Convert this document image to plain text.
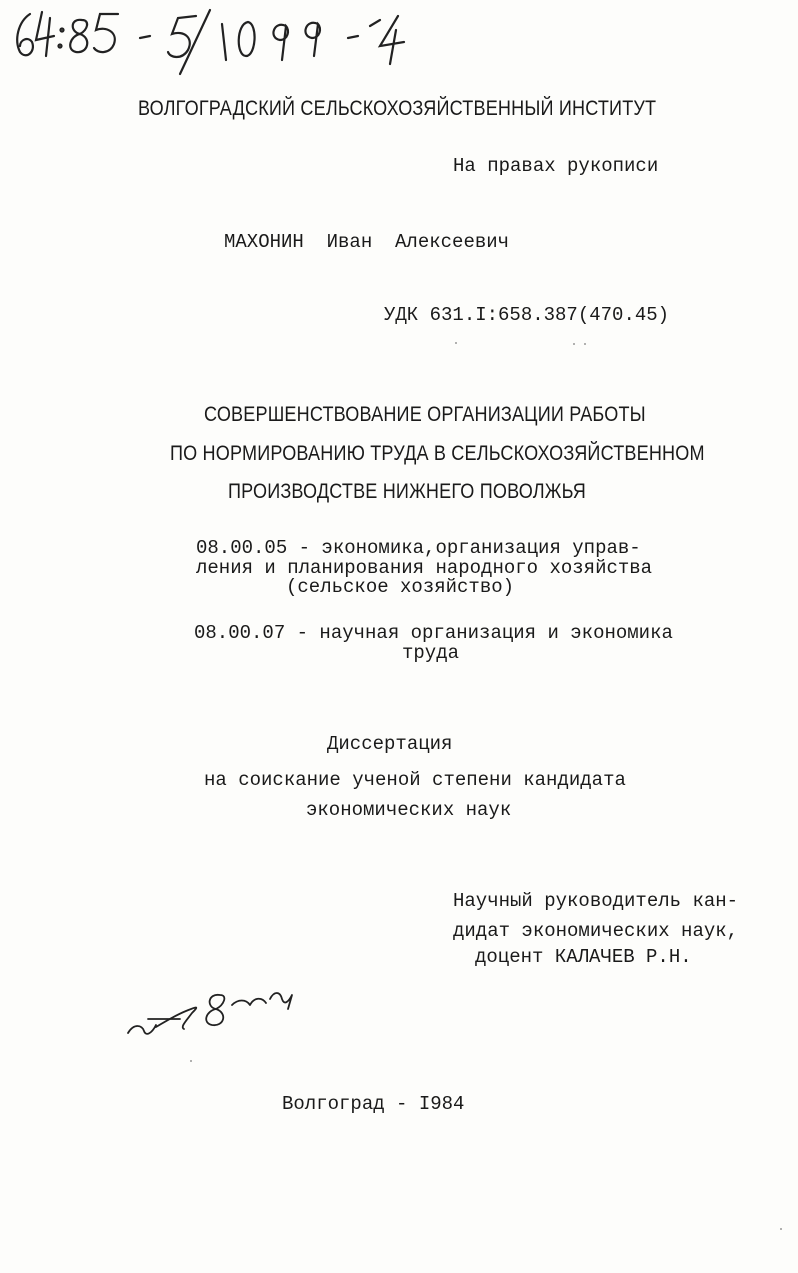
ВОЛГОГРАДСКИЙ СЕЛЬСКОХОЗЯЙСТВЕННЫЙ ИНСТИТУТ
На правах рукописи
МАХОНИН  Иван  Алексеевич
УДК 631.I:658.387(470.45)
СОВЕРШЕНСТВОВАНИЕ ОРГАНИЗАЦИИ РАБОТЫ
ПО НОРМИРОВАНИЮ ТРУДА В СЕЛЬСКОХОЗЯЙСТВЕННОМ
ПРОИЗВОДСТВЕ НИЖНЕГО ПОВОЛЖЬЯ
08.00.05 - экономика,организация управ-
ления и планирования народного хозяйства
(сельское хозяйство)
08.00.07 - научная организация и экономика
труда
Диссертация
на соискание ученой степени кандидата
экономических наук
Научный руководитель кан-
дидат экономических наук,
доцент КАЛАЧЕВ Р.Н.
Волгоград - I984
